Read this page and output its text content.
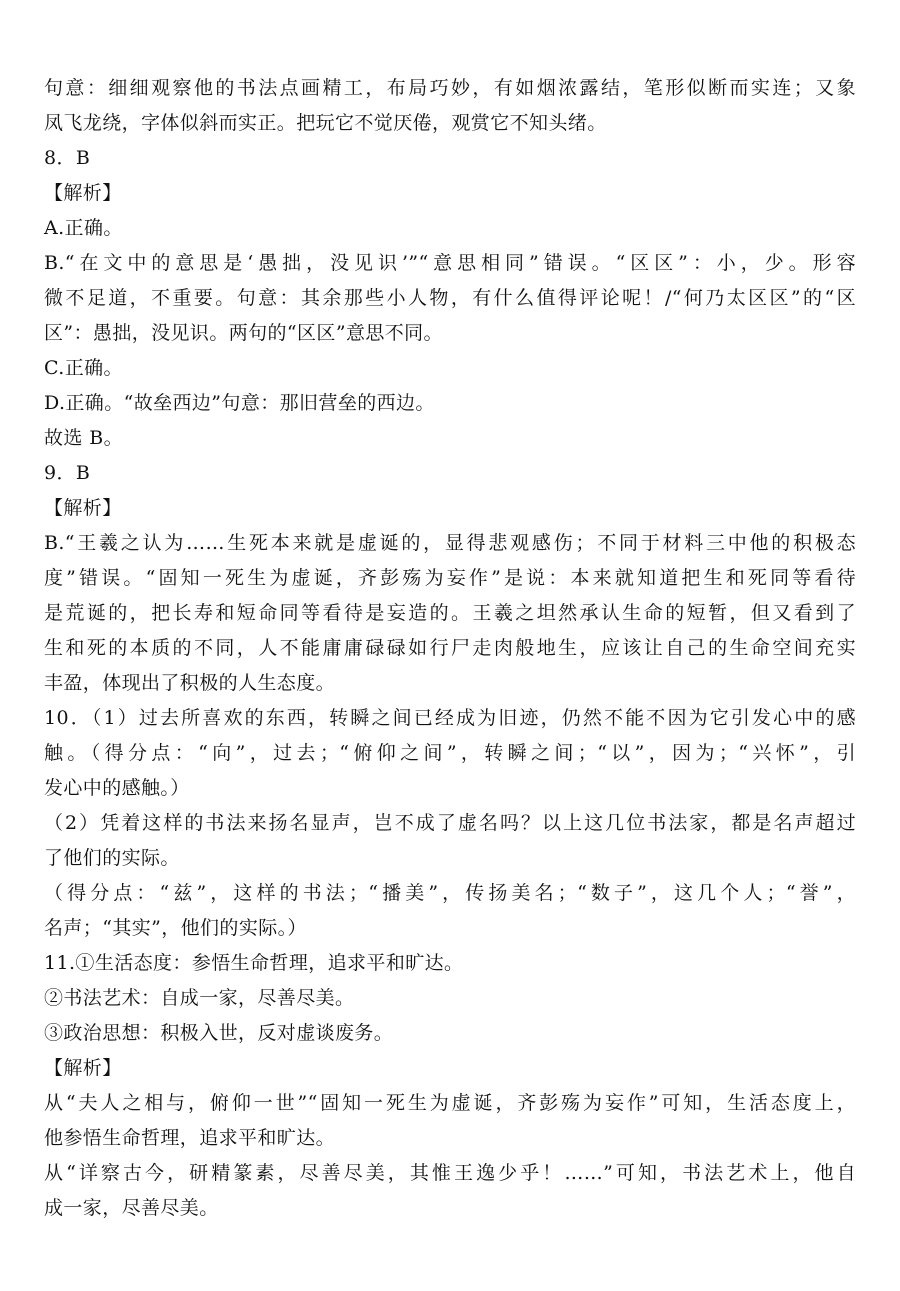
句意：细细观察他的书法点画精工，布局巧妙，有如烟浓露结，笔形似断而实连；又象
凤飞龙绕，字体似斜而实正。把玩它不觉厌倦，观赏它不知头绪。
8．B
【解析】
A.正确。
B.“在文中的意思是‘愚拙，没见识’”“意思相同”错误。“区区”：小，少。形容
微不足道，不重要。句意：其余那些小人物，有什么值得评论呢！/“何乃太区区”的“区
区”：愚拙，没见识。两句的“区区”意思不同。
C.正确。
D.正确。“故垒西边”句意：那旧营垒的西边。
故选 B。
9．B
【解析】
B.“王羲之认为……生死本来就是虚诞的，显得悲观感伤；不同于材料三中他的积极态
度”错误。“固知一死生为虚诞，齐彭殇为妄作”是说：本来就知道把生和死同等看待
是荒诞的，把长寿和短命同等看待是妄造的。王羲之坦然承认生命的短暂，但又看到了
生和死的本质的不同，人不能庸庸碌碌如行尸走肉般地生，应该让自己的生命空间充实
丰盈，体现出了积极的人生态度。
10．（1）过去所喜欢的东西，转瞬之间已经成为旧迹，仍然不能不因为它引发心中的感
触。（得分点：“向”，过去；“俯仰之间”，转瞬之间；“以”，因为；“兴怀”，引
发心中的感触。）
（2）凭着这样的书法来扬名显声，岂不成了虚名吗？以上这几位书法家，都是名声超过
了他们的实际。
（得分点：“兹”，这样的书法；“播美”，传扬美名；“数子”，这几个人；“誉”，
名声；“其实”，他们的实际。）
11.①生活态度：参悟生命哲理，追求平和旷达。
②书法艺术：自成一家，尽善尽美。
③政治思想：积极入世，反对虚谈废务。
【解析】
从“夫人之相与，俯仰一世”“固知一死生为虚诞，齐彭殇为妄作”可知，生活态度上，
他参悟生命哲理，追求平和旷达。
从“详察古今，研精篆素，尽善尽美，其惟王逸少乎！……”可知，书法艺术上，他自
成一家，尽善尽美。
